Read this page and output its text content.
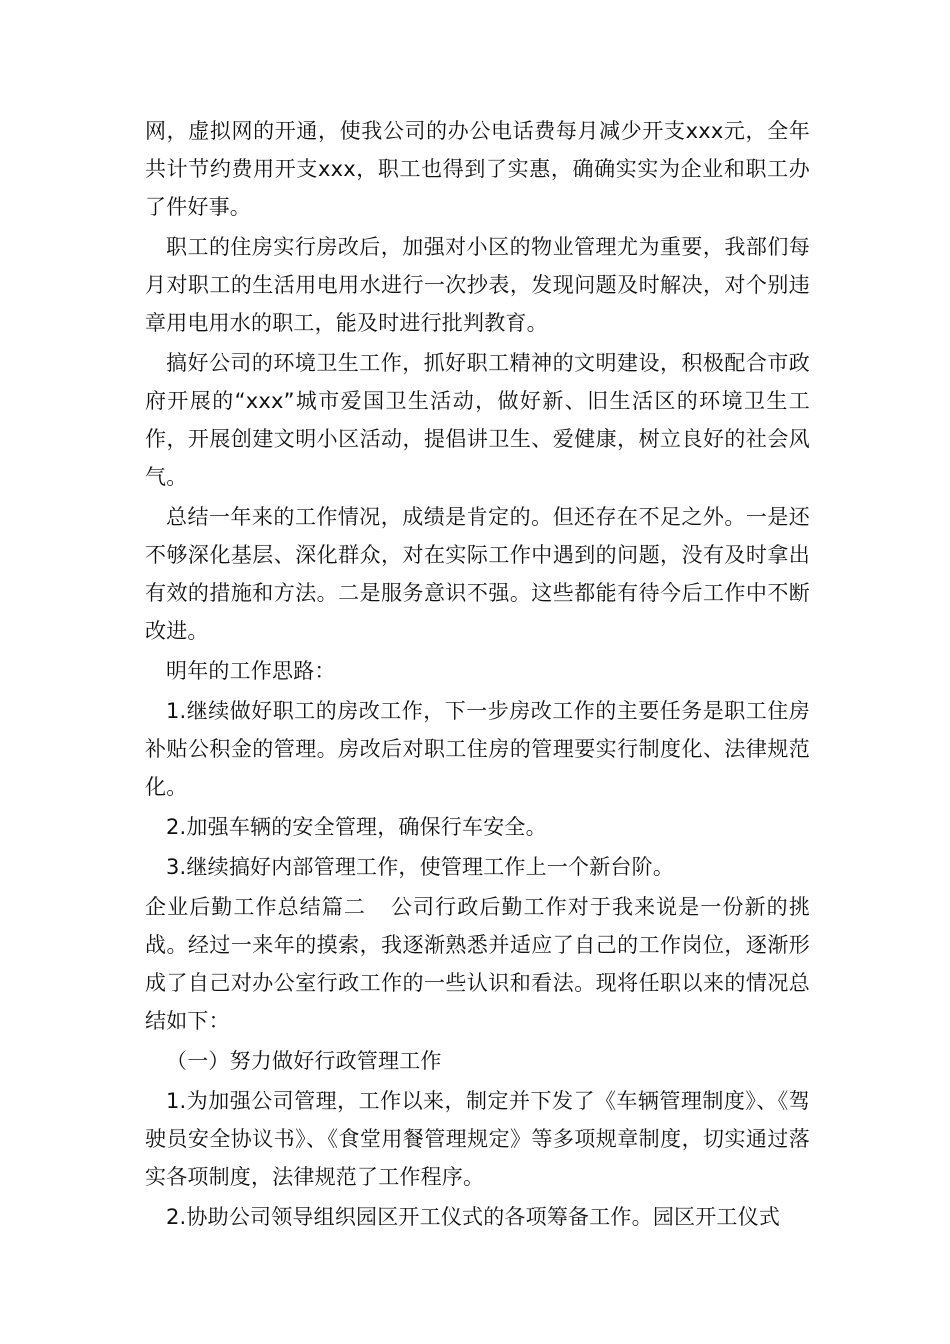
网，虚拟网的开通，使我公司的办公电话费每月减少开支xxx元，全年共计节约费用开支xxx，职工也得到了实惠，确确实实为企业和职工办了件好事。

职工的住房实行房改后，加强对小区的物业管理尤为重要，我部们每月对职工的生活用电用水进行一次抄表，发现问题及时解决，对个别违章用电用水的职工，能及时进行批判教育。

搞好公司的环境卫生工作，抓好职工精神的文明建设，积极配合市政府开展的“xxx”城市爱国卫生活动，做好新、旧生活区的环境卫生工作，开展创建文明小区活动，提倡讲卫生、爱健康，树立良好的社会风气。

总结一年来的工作情况，成绩是肯定的。但还存在不足之外。一是还不够深化基层、深化群众，对在实际工作中遇到的问题，没有及时拿出有效的措施和方法。二是服务意识不强。这些都能有待今后工作中不断改进。

明年的工作思路：

1.继续做好职工的房改工作，下一步房改工作的主要任务是职工住房补贴公积金的管理。房改后对职工住房的管理要实行制度化、法律规范化。

2.加强车辆的安全管理，确保行车安全。

3.继续搞好内部管理工作，使管理工作上一个新台阶。

企业后勤工作总结篇二 公司行政后勤工作对于我来说是一份新的挑战。经过一来年的摸索，我逐渐熟悉并适应了自己的工作岗位，逐渐形成了自己对办公室行政工作的一些认识和看法。现将任职以来的情况总结如下：

（一）努力做好行政管理工作

1.为加强公司管理，工作以来，制定并下发了《车辆管理制度》、《驾驶员安全协议书》、《食堂用餐管理规定》等多项规章制度，切实通过落实各项制度，法律规范了工作程序。

2.协助公司领导组织园区开工仪式的各项筹备工作。园区开工仪式
